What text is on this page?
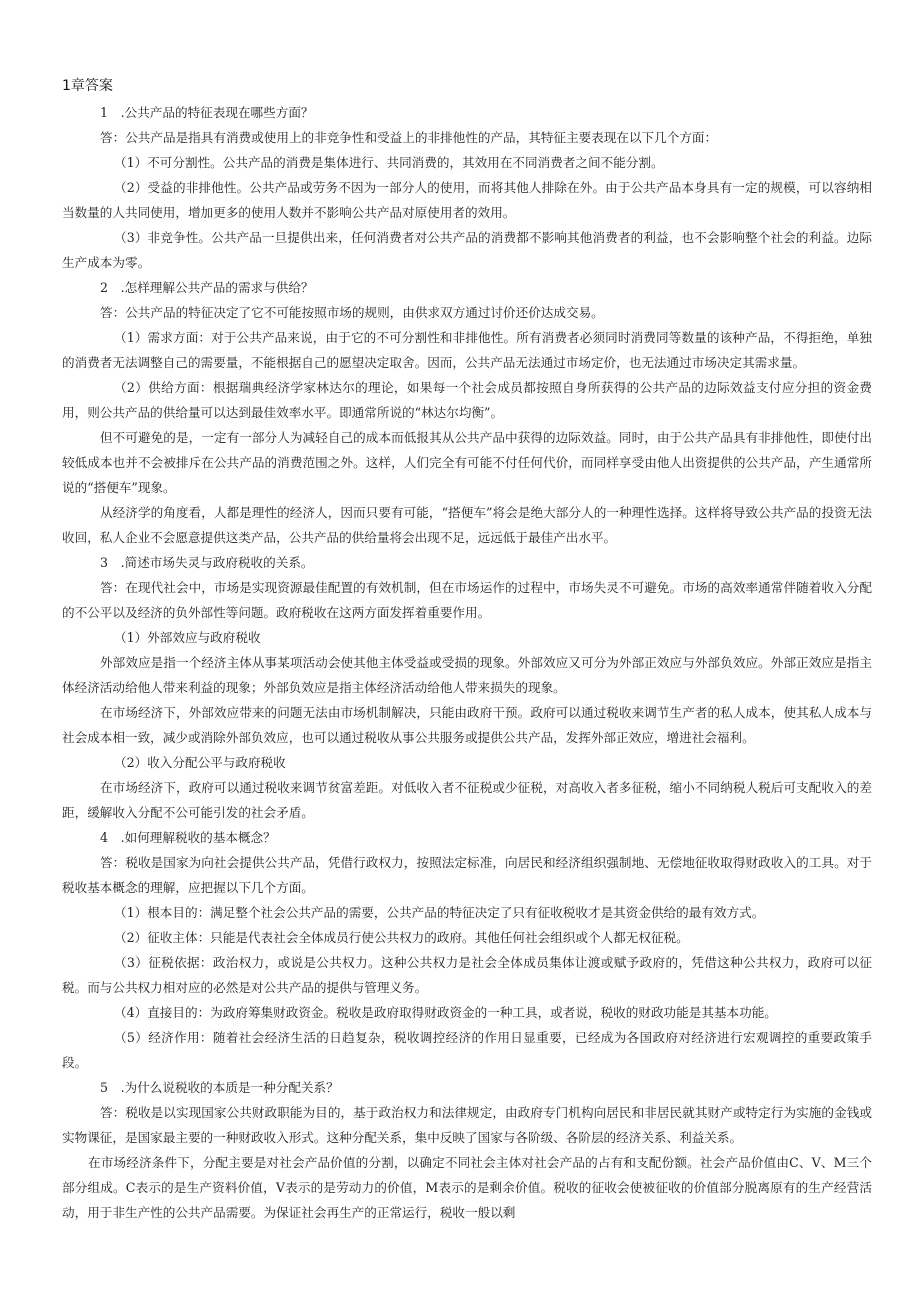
1章答案

1　.公共产品的特征表现在哪些方面？

答：公共产品是指具有消费或使用上的非竞争性和受益上的非排他性的产品，其特征主要表现在以下几个方面：

（1）不可分割性。公共产品的消费是集体进行、共同消费的，其效用在不同消费者之间不能分割。

（2）受益的非排他性。公共产品或劳务不因为一部分人的使用，而将其他人排除在外。由于公共产品本身具有一定的规模，可以容纳相当数量的人共同使用，增加更多的使用人数并不影响公共产品对原使用者的效用。

（3）非竞争性。公共产品一旦提供出来，任何消费者对公共产品的消费都不影响其他消费者的利益，也不会影响整个社会的利益。边际生产成本为零。

2　.怎样理解公共产品的需求与供给？

答：公共产品的特征决定了它不可能按照市场的规则，由供求双方通过讨价还价达成交易。

（1）需求方面：对于公共产品来说，由于它的不可分割性和非排他性。所有消费者必须同时消费同等数量的该种产品，不得拒绝，单独的消费者无法调整自己的需要量，不能根据自己的愿望决定取舍。因而，公共产品无法通过市场定价，也无法通过市场决定其需求量。

（2）供给方面：根据瑞典经济学家林达尔的理论，如果每一个社会成员都按照自身所获得的公共产品的边际效益支付应分担的资金费用，则公共产品的供给量可以达到最佳效率水平。即通常所说的“林达尔均衡”。

但不可避免的是，一定有一部分人为减轻自己的成本而低报其从公共产品中获得的边际效益。同时，由于公共产品具有非排他性，即使付出较低成本也并不会被排斥在公共产品的消费范围之外。这样，人们完全有可能不付任何代价，而同样享受由他人出资提供的公共产品，产生通常所说的“搭便车”现象。

从经济学的角度看，人都是理性的经济人，因而只要有可能，“搭便车”将会是绝大部分人的一种理性选择。这样将导致公共产品的投资无法收回，私人企业不会愿意提供这类产品，公共产品的供给量将会出现不足，远远低于最佳产出水平。

3　.简述市场失灵与政府税收的关系。

答：在现代社会中，市场是实现资源最佳配置的有效机制，但在市场运作的过程中，市场失灵不可避免。市场的高效率通常伴随着收入分配的不公平以及经济的负外部性等问题。政府税收在这两方面发挥着重要作用。

（1）外部效应与政府税收

外部效应是指一个经济主体从事某项活动会使其他主体受益或受损的现象。外部效应又可分为外部正效应与外部负效应。外部正效应是指主体经济活动给他人带来利益的现象；外部负效应是指主体经济活动给他人带来损失的现象。

在市场经济下，外部效应带来的问题无法由市场机制解决，只能由政府干预。政府可以通过税收来调节生产者的私人成本，使其私人成本与社会成本相一致，减少或消除外部负效应，也可以通过税收从事公共服务或提供公共产品，发挥外部正效应，增进社会福利。

（2）收入分配公平与政府税收

在市场经济下，政府可以通过税收来调节贫富差距。对低收入者不征税或少征税，对高收入者多征税，缩小不同纳税人税后可支配收入的差距，缓解收入分配不公可能引发的社会矛盾。

4　.如何理解税收的基本概念？

答：税收是国家为向社会提供公共产品，凭借行政权力，按照法定标准，向居民和经济组织强制地、无偿地征收取得财政收入的工具。对于税收基本概念的理解，应把握以下几个方面。

（1）根本目的：满足整个社会公共产品的需要，公共产品的特征决定了只有征收税收才是其资金供给的最有效方式。

（2）征收主体：只能是代表社会全体成员行使公共权力的政府。其他任何社会组织或个人都无权征税。

（3）征税依据：政治权力，或说是公共权力。这种公共权力是社会全体成员集体让渡或赋予政府的，凭借这种公共权力，政府可以征税。而与公共权力相对应的必然是对公共产品的提供与管理义务。

（4）直接目的：为政府筹集财政资金。税收是政府取得财政资金的一种工具，或者说，税收的财政功能是其基本功能。

（5）经济作用：随着社会经济生活的日趋复杂，税收调控经济的作用日显重要，已经成为各国政府对经济进行宏观调控的重要政策手段。

5　.为什么说税收的本质是一种分配关系？

答：税收是以实现国家公共财政职能为目的，基于政治权力和法律规定，由政府专门机构向居民和非居民就其财产或特定行为实施的金钱或实物课征，是国家最主要的一种财政收入形式。这种分配关系，集中反映了国家与各阶级、各阶层的经济关系、利益关系。

在市场经济条件下，分配主要是对社会产品价值的分割，以确定不同社会主体对社会产品的占有和支配份额。社会产品价值由C、V、M三个部分组成。C表示的是生产资料价值，V表示的是劳动力的价值，M表示的是剩余价值。税收的征收会使被征收的价值部分脱离原有的生产经营活动，用于非生产性的公共产品需要。为保证社会再生产的正常运行，税收一般以剩
